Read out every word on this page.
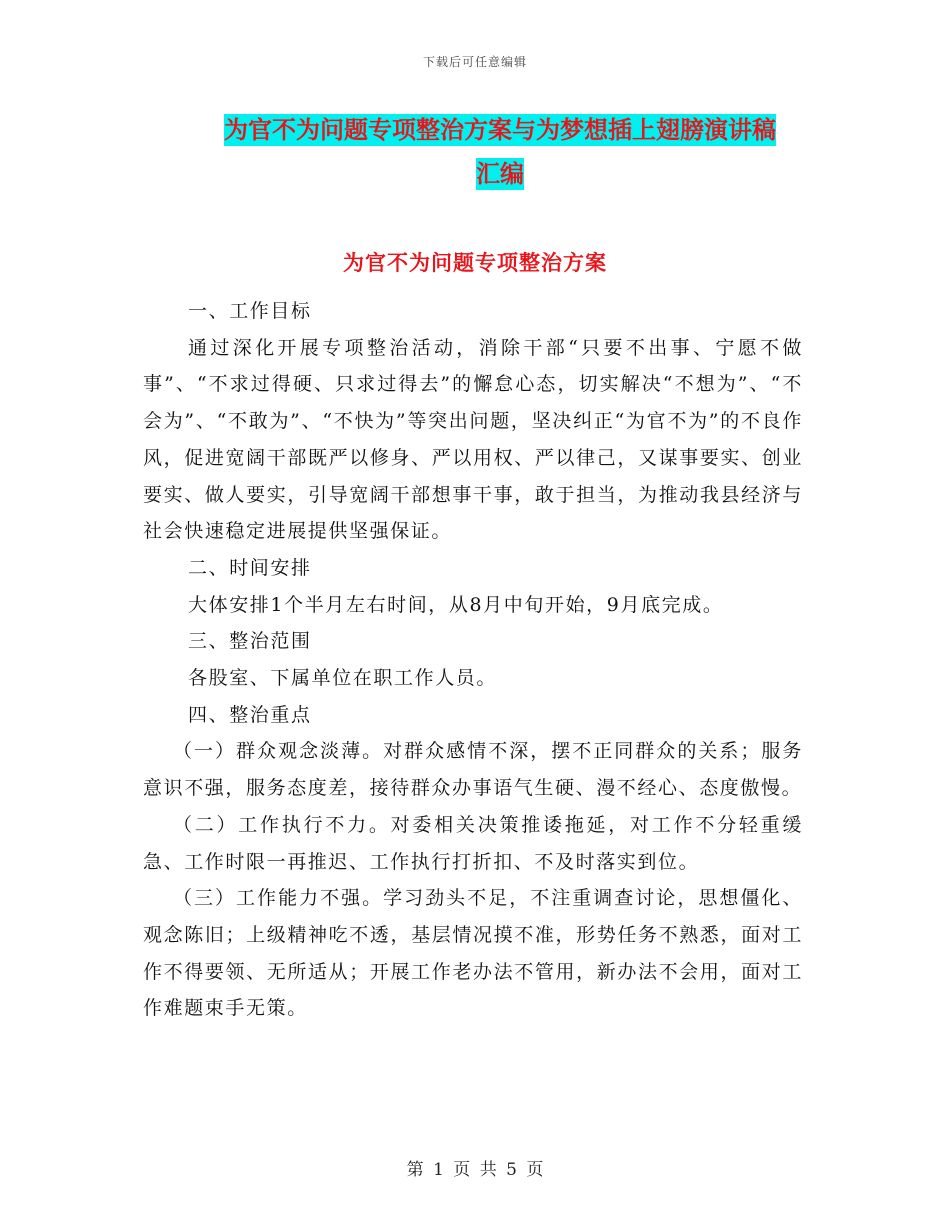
下载后可任意编辑
为官不为问题专项整治方案与为梦想插上翅膀演讲稿
汇编
为官不为问题专项整治方案

一、工作目标

通过深化开展专项整治活动，消除干部“只要不出事、宁愿不做事”、“不求过得硬、只求过得去”的懈怠心态，切实解决“不想为”、“不会为”、“不敢为”、“不快为”等突出问题，坚决纠正“为官不为”的不良作风，促进宽阔干部既严以修身、严以用权、严以律己，又谋事要实、创业要实、做人要实，引导宽阔干部想事干事，敢于担当，为推动我县经济与社会快速稳定进展提供坚强保证。

二、时间安排

大体安排1个半月左右时间，从8月中旬开始，9月底完成。

三、整治范围

各股室、下属单位在职工作人员。

四、整治重点

（一）群众观念淡薄。对群众感情不深，摆不正同群众的关系；服务意识不强，服务态度差，接待群众办事语气生硬、漫不经心、态度傲慢。

（二）工作执行不力。对委相关决策推诿拖延，对工作不分轻重缓急、工作时限一再推迟、工作执行打折扣、不及时落实到位。

（三）工作能力不强。学习劲头不足，不注重调查讨论，思想僵化、观念陈旧；上级精神吃不透，基层情况摸不准，形势任务不熟悉，面对工作不得要领、无所适从；开展工作老办法不管用，新办法不会用，面对工作难题束手无策。

第 1 页 共 5 页
